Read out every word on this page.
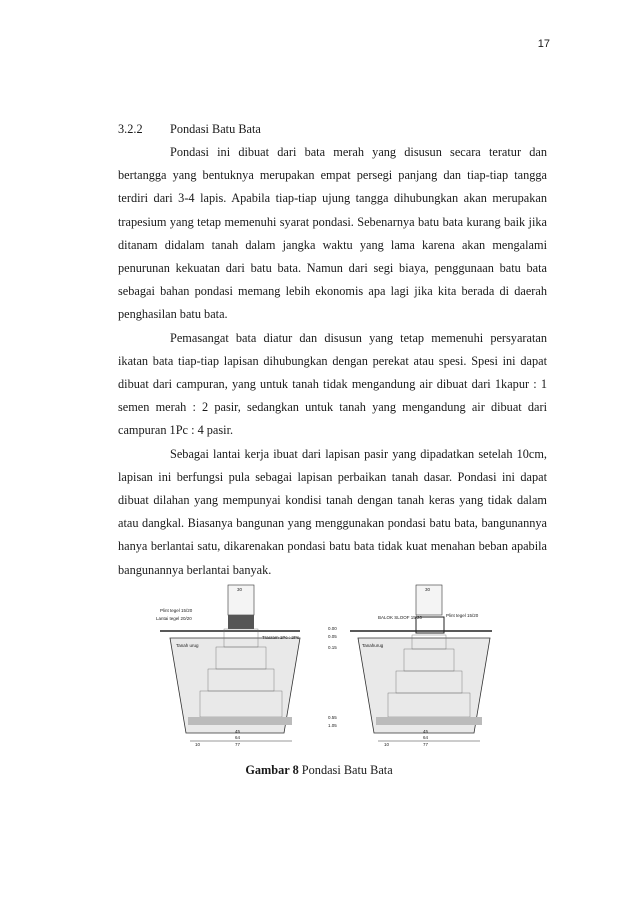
17
3.2.2 Pondasi Batu Bata

Pondasi ini dibuat dari bata merah yang disusun secara teratur dan bertangga yang bentuknya merupakan empat persegi panjang dan tiap-tiap tangga terdiri dari 3-4 lapis. Apabila tiap-tiap ujung tangga dihubungkan akan merupakan trapesium yang tetap memenuhi syarat pondasi. Sebenarnya batu bata kurang baik jika ditanam didalam tanah dalam jangka waktu yang lama karena akan mengalami penurunan kekuatan dari batu bata. Namun dari segi biaya, penggunaan batu bata sebagai bahan pondasi memang lebih ekonomis apa lagi jika kita berada di daerah penghasilan batu bata.

Pemasangat bata diatur dan disusun yang tetap memenuhi persyaratan ikatan bata tiap-tiap lapisan dihubungkan dengan perekat atau spesi. Spesi ini dapat dibuat dari campuran, yang untuk tanah tidak mengandung air dibuat dari 1kapur : 1 semen merah : 2 pasir, sedangkan untuk tanah yang mengandung air dibuat dari campuran 1Pc : 4 pasir.

Sebagai lantai kerja ibuat dari lapisan pasir yang dipadatkan setelah 10cm, lapisan ini berfungsi pula sebagai lapisan perbaikan tanah dasar. Pondasi ini dapat dibuat dilahan yang mempunyai kondisi tanah dengan tanah keras yang tidak dalam atau dangkal. Biasanya bangunan yang menggunakan pondasi batu bata, bangunannya hanya berlantai satu, dikarenakan pondasi batu bata tidak kuat menahan beban apabila bangunannya berlantai banyak.

Plint tegel 15/20
Lantai tegel 20/20
Trasram 1Pc : 2Ps
Tanah urug
30
45
64
77
10
0.00
0.05
0.15
0.55
1.05
BALOK SLOOF 15/20	Plint tegel 15/20
Tanahurug
30
45
64
77
10
Gambar 8 Pondasi Batu Bata
